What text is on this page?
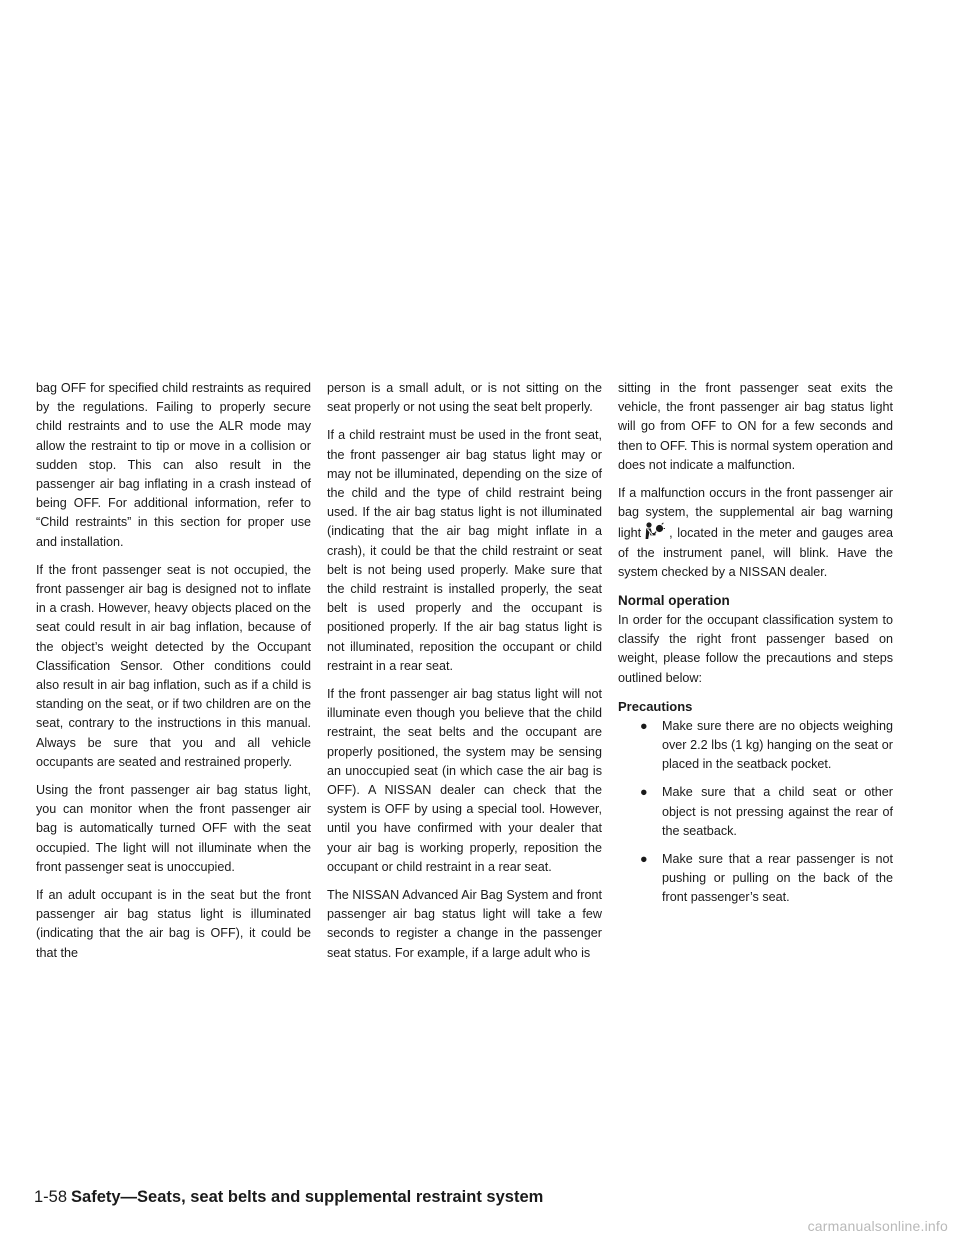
bag OFF for specified child restraints as required by the regulations. Failing to properly secure child restraints and to use the ALR mode may allow the restraint to tip or move in a collision or sudden stop. This can also result in the passenger air bag inflating in a crash instead of being OFF. For additional information, refer to “Child restraints” in this section for proper use and installation.

If the front passenger seat is not occupied, the front passenger air bag is designed not to inflate in a crash. However, heavy objects placed on the seat could result in air bag inflation, because of the object’s weight detected by the Occupant Classification Sensor. Other conditions could also result in air bag inflation, such as if a child is standing on the seat, or if two children are on the seat, contrary to the instructions in this manual. Always be sure that you and all vehicle occupants are seated and restrained properly.

Using the front passenger air bag status light, you can monitor when the front passenger air bag is automatically turned OFF with the seat occupied. The light will not illuminate when the front passenger seat is unoccupied.

If an adult occupant is in the seat but the front passenger air bag status light is illuminated (indicating that the air bag is OFF), it could be that the

person is a small adult, or is not sitting on the seat properly or not using the seat belt properly.

If a child restraint must be used in the front seat, the front passenger air bag status light may or may not be illuminated, depending on the size of the child and the type of child restraint being used. If the air bag status light is not illuminated (indicating that the air bag might inflate in a crash), it could be that the child restraint or seat belt is not being used properly. Make sure that the child restraint is installed properly, the seat belt is used properly and the occupant is positioned properly. If the air bag status light is not illuminated, reposition the occupant or child restraint in a rear seat.

If the front passenger air bag status light will not illuminate even though you believe that the child restraint, the seat belts and the occupant are properly positioned, the system may be sensing an unoccupied seat (in which case the air bag is OFF). A NISSAN dealer can check that the system is OFF by using a special tool. However, until you have confirmed with your dealer that your air bag is working properly, reposition the occupant or child restraint in a rear seat.

The NISSAN Advanced Air Bag System and front passenger air bag status light will take a few seconds to register a change in the passenger seat status. For example, if a large adult who is

sitting in the front passenger seat exits the vehicle, the front passenger air bag status light will go from OFF to ON for a few seconds and then to OFF. This is normal system operation and does not indicate a malfunction.

If a malfunction occurs in the front passenger air bag system, the supplemental air bag warning light , located in the meter and gauges area of the instrument panel, will blink. Have the system checked by a NISSAN dealer.

Normal operation

In order for the occupant classification system to classify the right front passenger based on weight, please follow the precautions and steps outlined below:

Precautions
● Make sure there are no objects weighing over 2.2 lbs (1 kg) hanging on the seat or placed in the seatback pocket.
● Make sure that a child seat or other object is not pressing against the rear of the seatback.
● Make sure that a rear passenger is not pushing or pulling on the back of the front passenger’s seat.
1-58 Safety—Seats, seat belts and supplemental restraint system
carmanualsonline.info
